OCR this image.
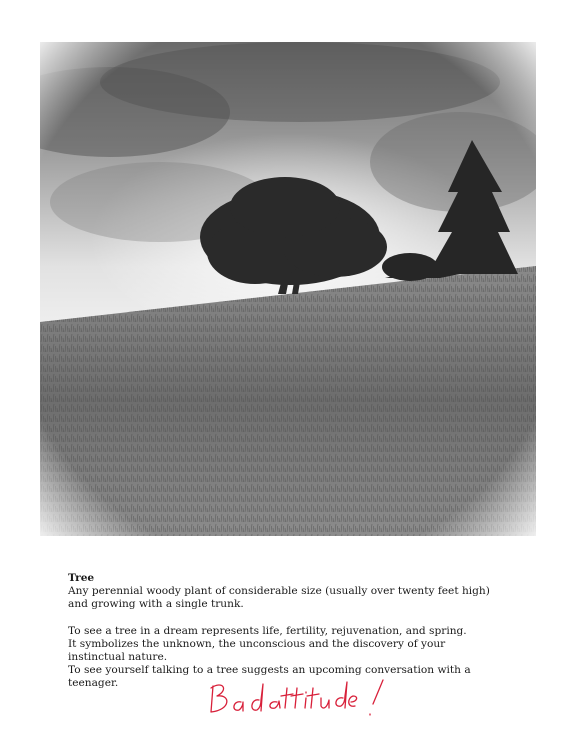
Tree

Any perennial woody plant of considerable size (usually over twenty feet high)

and growing with a single trunk.

To see a tree in a dream represents life, fertility, rejuvenation, and spring.

It symbolizes the unknown, the unconscious and the discovery of your

instinctual nature.

To see yourself talking to a tree suggests an upcoming conversation with a

teenager.
